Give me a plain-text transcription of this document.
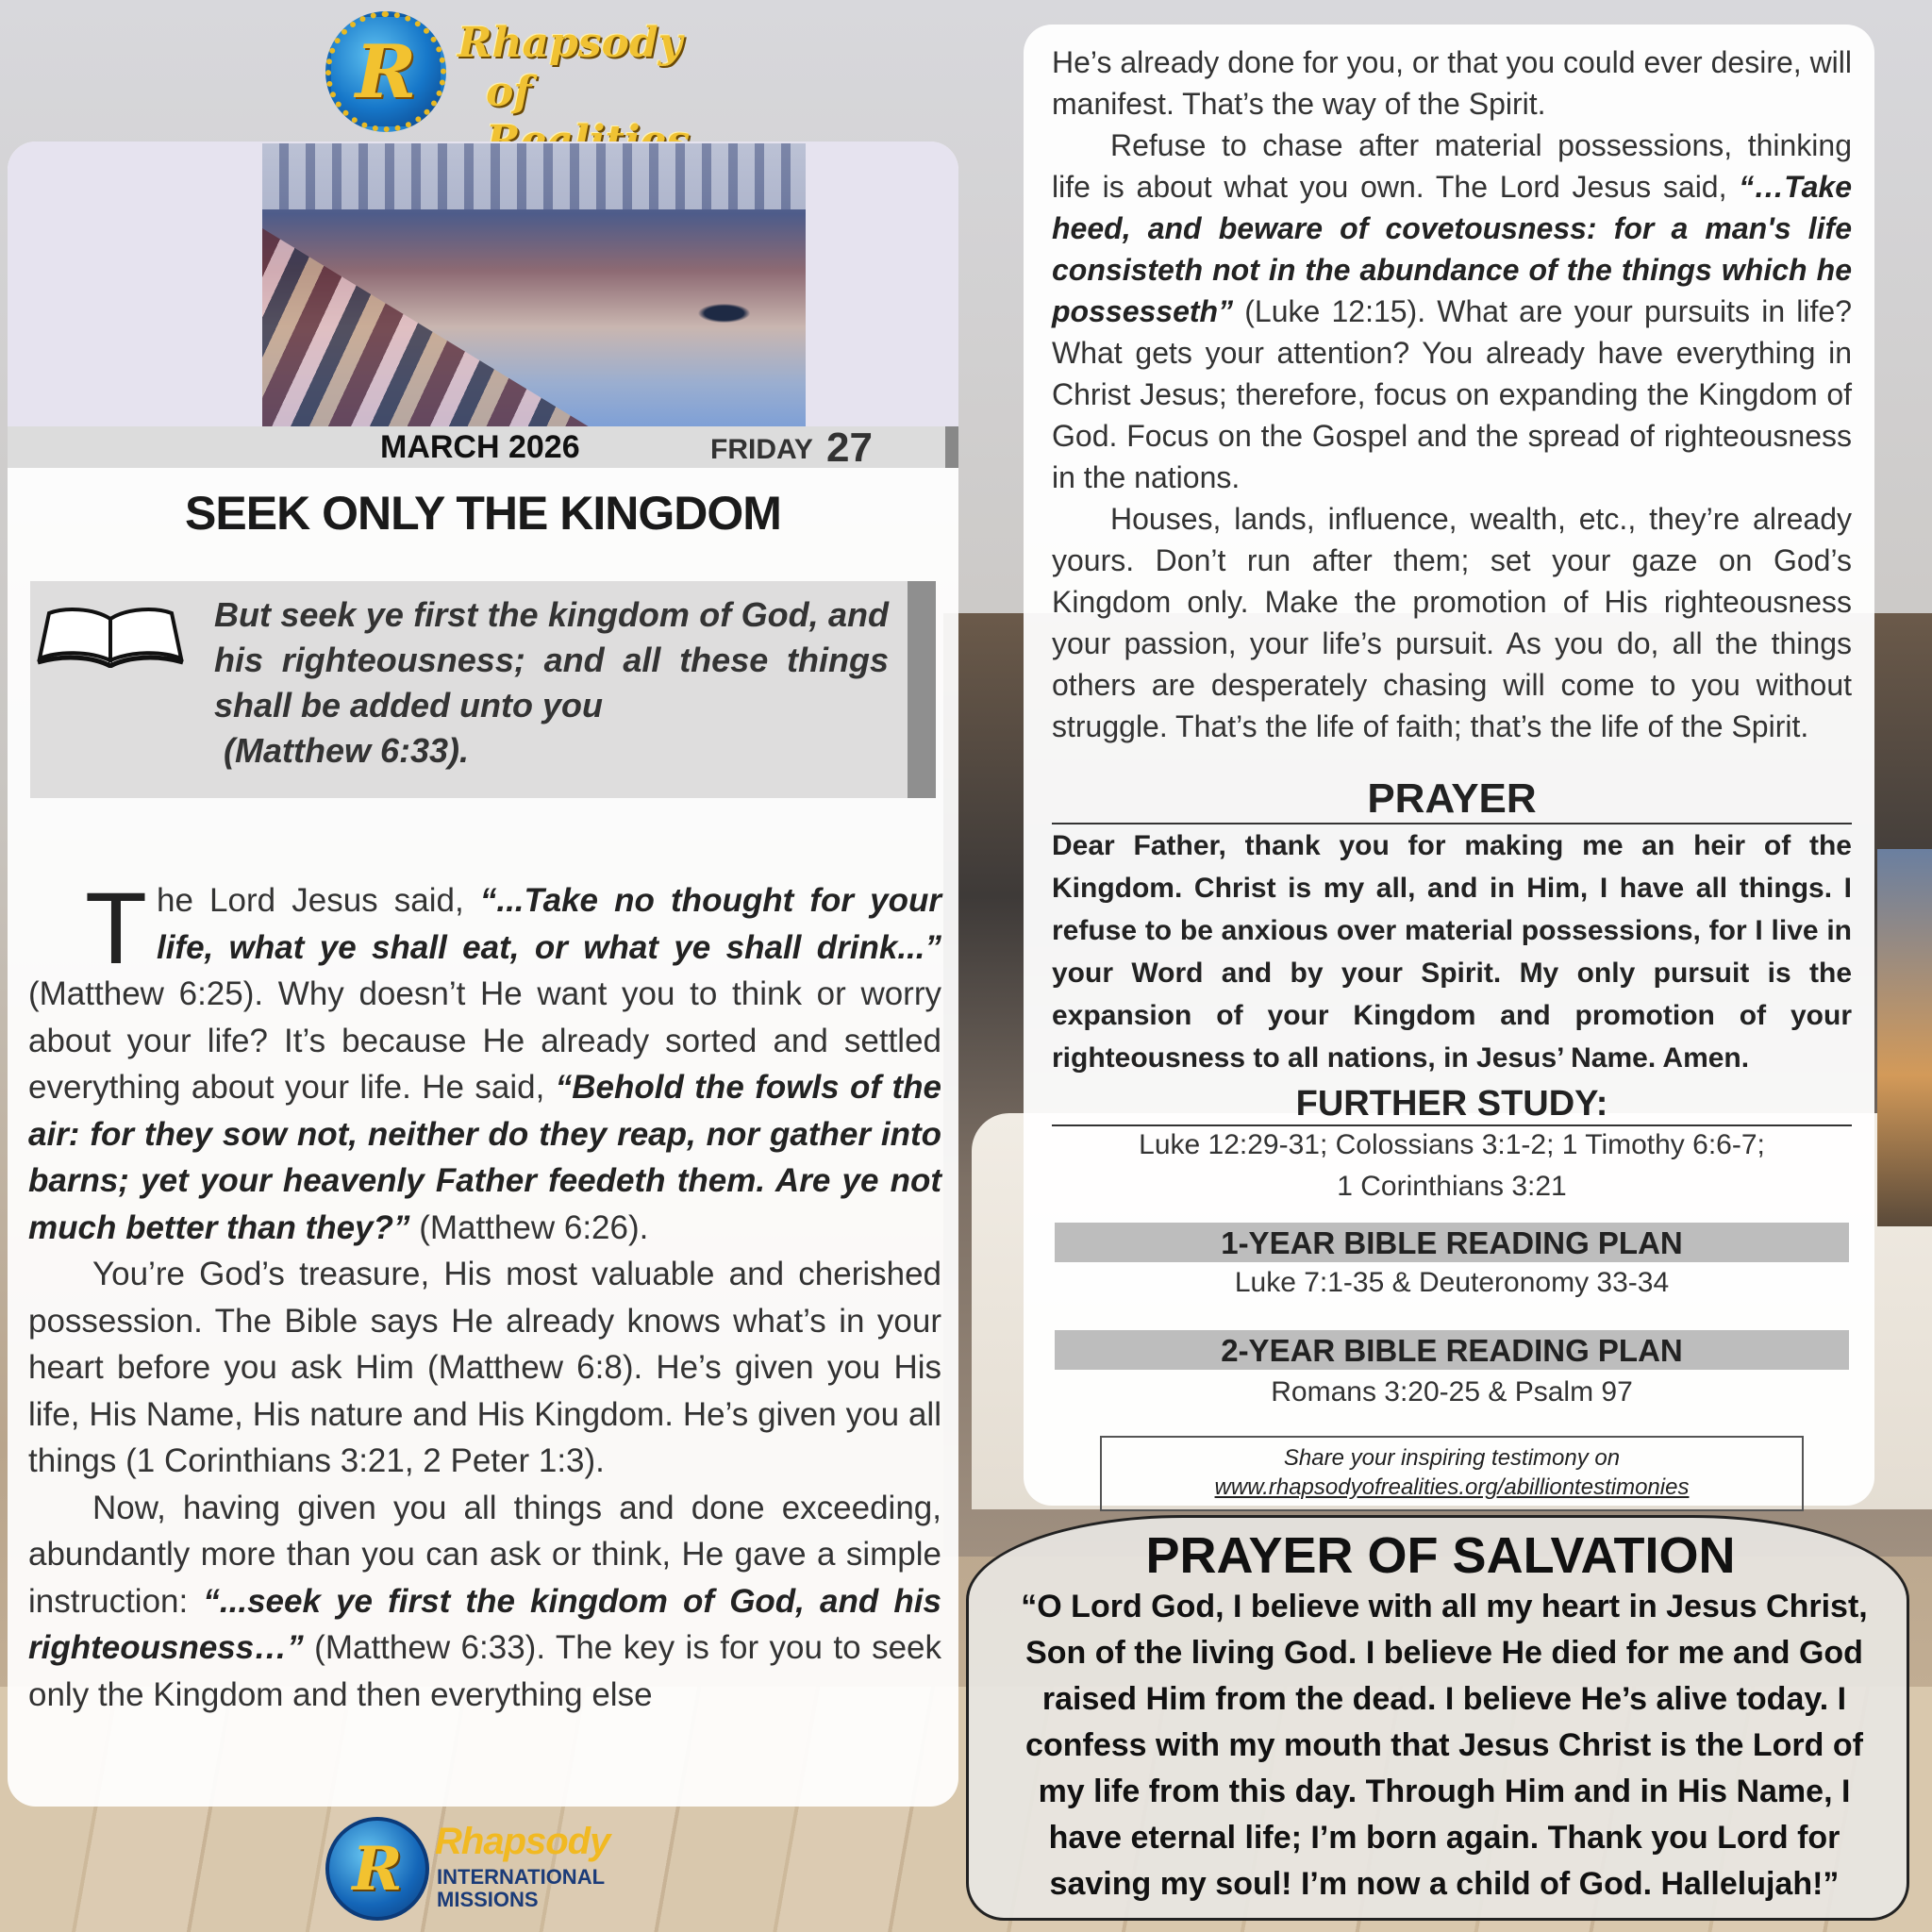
R Rhapsody
of
MARCH 2026	FRIDAY 27
SEEK ONLY THE KINGDOM
But seek ye first the kingdom of God, and his righteousness; and all these things shall be added unto you
(Matthew 6:33).

The Lord Jesus said, “...Take no thought for your life, what ye shall eat, or what ye shall drink...” (Matthew 6:25). Why doesn’t He want you to think or worry about your life? It’s because He already sorted and settled everything about your life. He said, “Behold the fowls of the air: for they sow not, neither do they reap, nor gather into barns; yet your heavenly Father feedeth them. Are ye not much better than they?” (Matthew 6:26).

You’re God’s treasure, His most valuable and cherished possession. The Bible says He already knows what’s in your heart before you ask Him (Matthew 6:8). He’s given you His life, His Name, His nature and His Kingdom. He’s given you all things (1 Corinthians 3:21, 2 Peter 1:3).

Now, having given you all things and done exceeding, abundantly more than you can ask or think, He gave a simple instruction: “...seek ye first the kingdom of God, and his righteousness…” (Matthew 6:33). The key is for you to seek only the Kingdom and then everything else

R Rhapsody
INTERNATIONAL
MISSIONS

He’s already done for you, or that you could ever desire, will manifest. That’s the way of the Spirit.

Refuse to chase after material possessions, thinking life is about what you own. The Lord Jesus said, “…Take heed, and beware of covetousness: for a man's life consisteth not in the abundance of the things which he possesseth” (Luke 12:15). What are your pursuits in life? What gets your attention? You already have everything in Christ Jesus; therefore, focus on expanding the Kingdom of God. Focus on the Gospel and the spread of righteousness in the nations.

Houses, lands, influence, wealth, etc., they’re already yours. Don’t run after them; set your gaze on God’s Kingdom only. Make the promotion of His righteousness your passion, your life’s pursuit. As you do, all the things others are desperately chasing will come to you without struggle. That’s the life of faith; that’s the life of the Spirit.

PRAYER
Dear Father, thank you for making me an heir of the Kingdom. Christ is my all, and in Him, I have all things. I refuse to be anxious over material possessions, for I live in your Word and by your Spirit. My only pursuit is the expansion of your Kingdom and promotion of your righteousness to all nations, in Jesus’ Name. Amen.
FURTHER STUDY:
Luke 12:29-31; Colossians 3:1-2; 1 Timothy 6:6-7;
1 Corinthians 3:21
1-YEAR BIBLE READING PLAN
Luke 7:1-35 & Deuteronomy 33-34
2-YEAR BIBLE READING PLAN
Romans 3:20-25 & Psalm 97
Share your inspiring testimony on
www.rhapsodyofrealities.org/abilliontestimonies
PRAYER OF SALVATION
“O Lord God, I believe with all my heart in Jesus Christ, Son of the living God. I believe He died for me and God raised Him from the dead. I believe He’s alive today. I confess with my mouth that Jesus Christ is the Lord of my life from this day. Through Him and in His Name, I have eternal life; I’m born again. Thank you Lord for saving my soul! I’m now a child of God. Hallelujah!”
